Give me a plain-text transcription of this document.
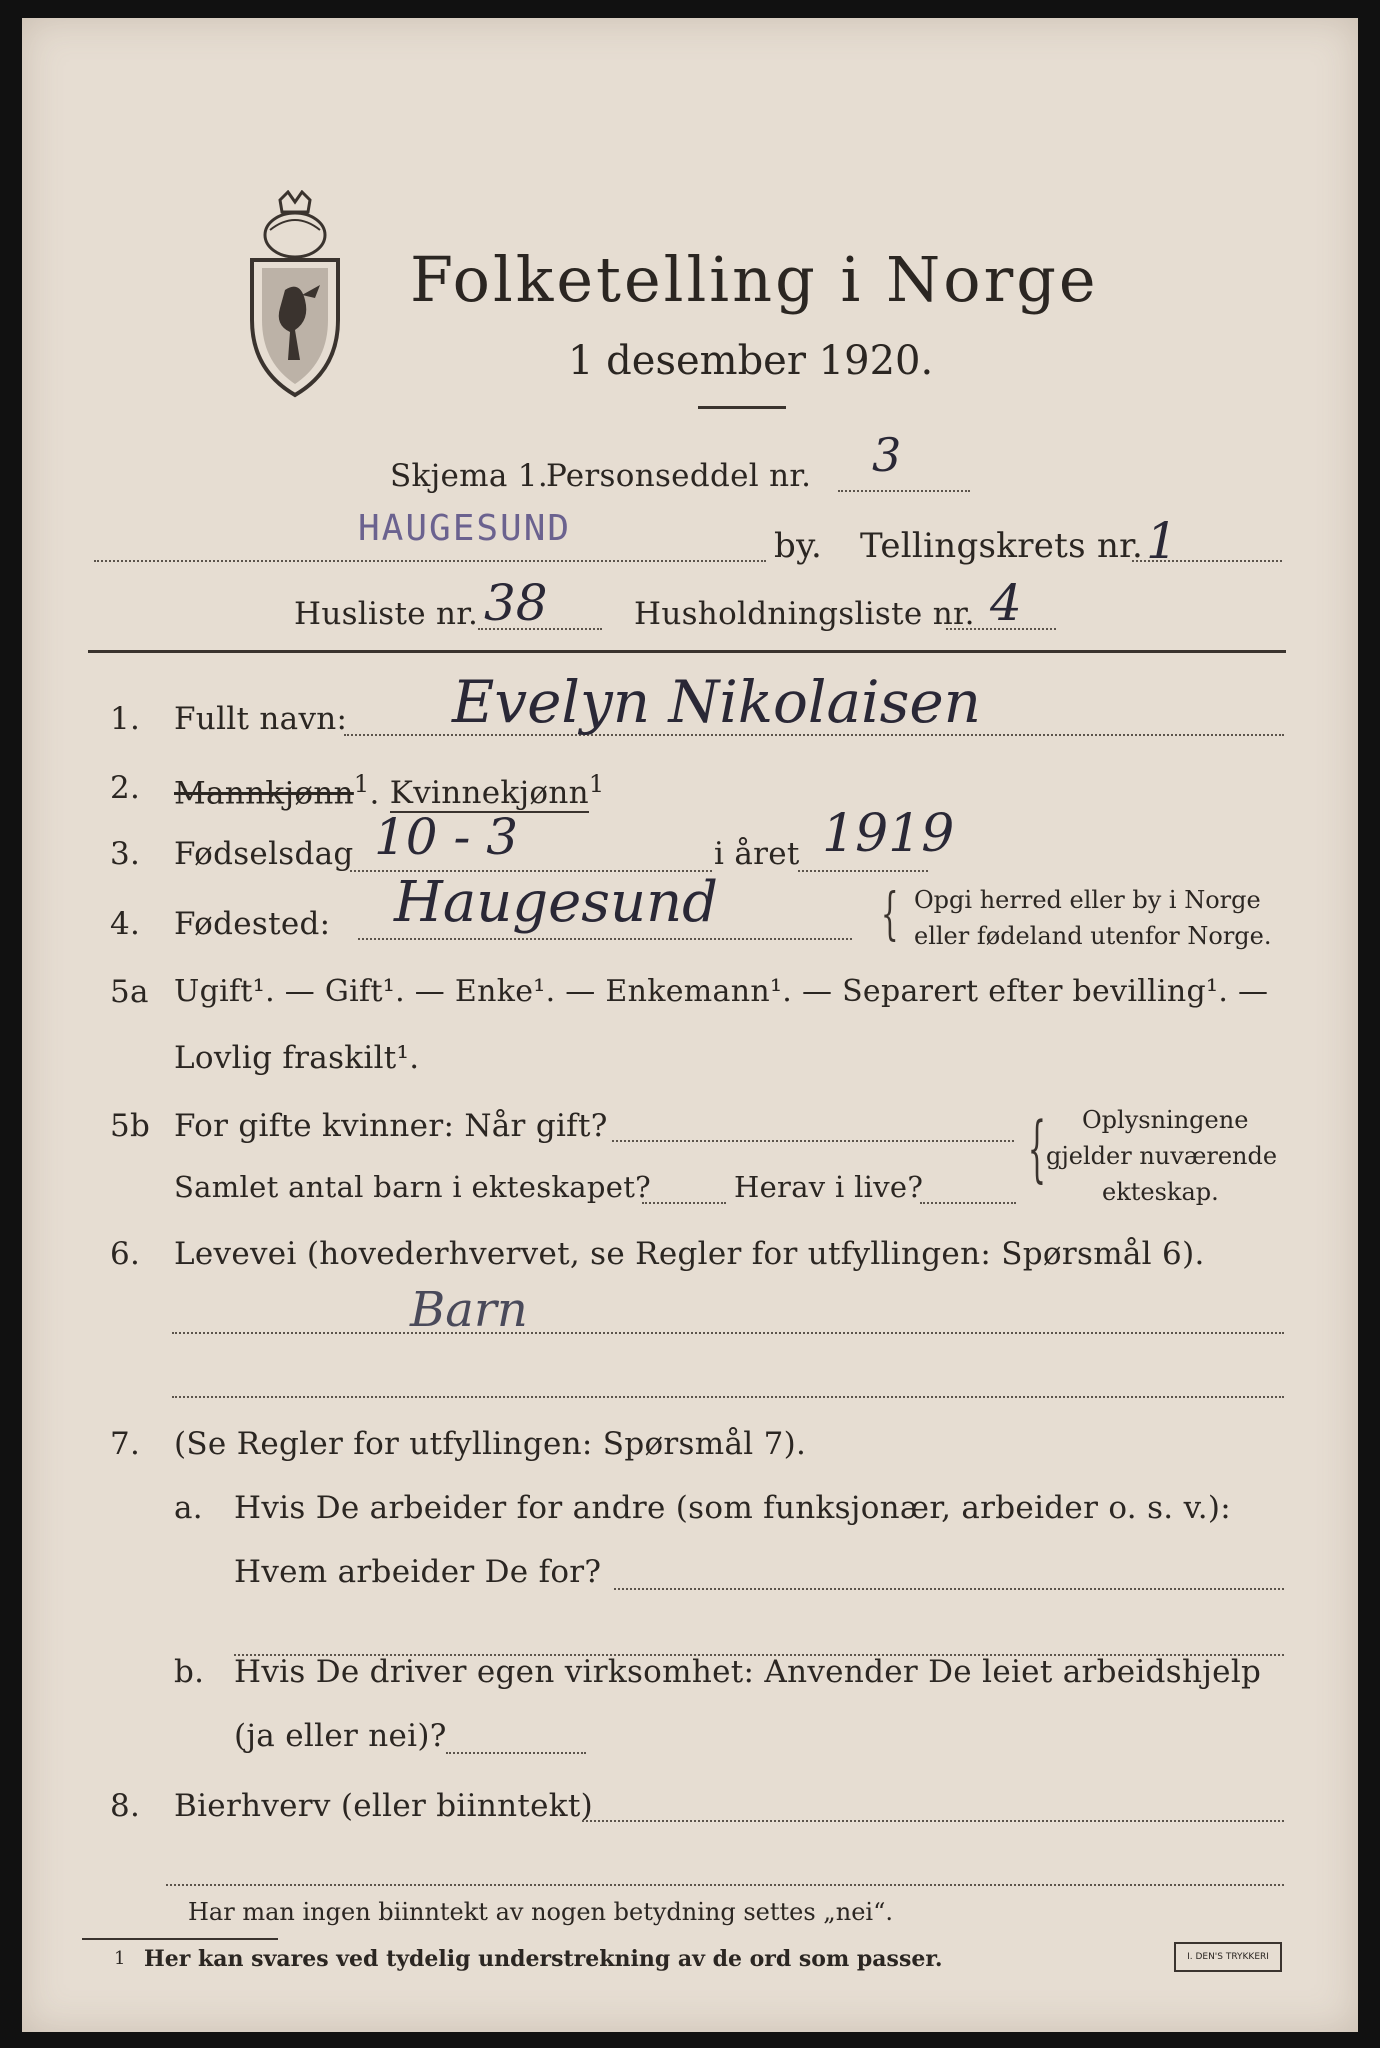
Folketelling i Norge
1 desember 1920.
Skjema 1.
Personseddel nr. 3
HAUGESUND	by. Tellingskrets nr. 1
Husliste nr. 38	Husholdningsliste nr. 4
1. Fullt navn: Evelyn Nikolaisen
2. Mannkjønn$^1$. Kvinnekjønn$^1$
3. Fødselsdag 10 - 3	i året 1919
4. Fødested: Haugesund	{ Opgi herred eller by i Norge
eller fødeland utenfor Norge.
5a Ugift¹. — Gift¹. — Enke¹. — Enkemann¹. — Separert efter bevilling¹. —
Lovlig fraskilt¹.
5b For gifte kvinner: Når gift?
Samlet antal barn i ekteskapet?	Herav i live? { Oplysningene
gjelder nuværende
ekteskap.
6. Levevei (hovederhvervet, se Regler for utfyllingen: Spørsmål 6).
Barn
7. (Se Regler for utfyllingen: Spørsmål 7).
a. Hvis De arbeider for andre (som funksjonær, arbeider o. s. v.):
Hvem arbeider De for?
b. Hvis De driver egen virksomhet: Anvender De leiet arbeidshjelp
(ja eller nei)?
8. Bierhverv (eller biinntekt)
Har man ingen biinntekt av nogen betydning settes „nei“.
1 Her kan svares ved tydelig understrekning av de ord som passer.	I. DEN'S TRYKKERI
